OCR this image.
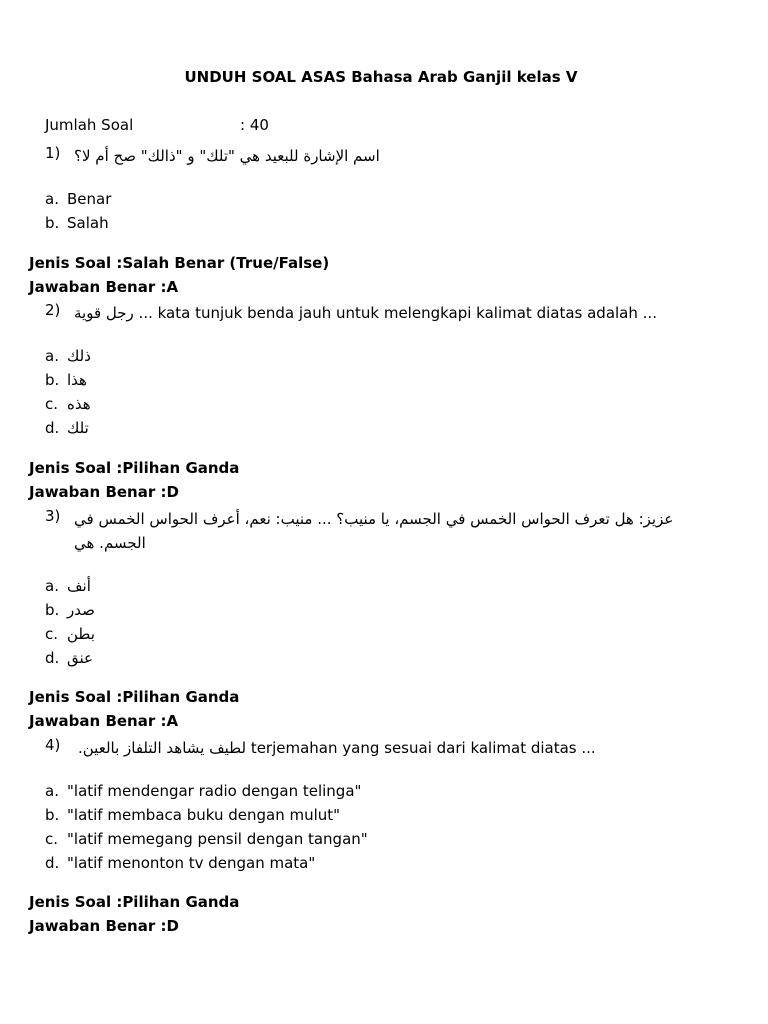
UNDUH SOAL ASAS Bahasa Arab Ganjil kelas V
Jumlah Soal	: 40
1) اسم الإشارة للبعيد هي "تلك" و "ذالك" صح أم لا؟
a. Benar
b. Salah
Jenis Soal :Salah Benar (True/False)
Jawaban Benar :A
2) رجل قوية ... kata tunjuk benda jauh untuk melengkapi kalimat diatas adalah ...
a. ذلك
b. هذا
c. هذه
d. تلك
Jenis Soal :Pilihan Ganda
Jawaban Benar :D
3) عزيز: هل تعرف الحواس الخمس في الجسم، يا منيب؟ ... منيب: نعم، أعرف الحواس الخمس في الجسم. هي
a. أنف
b. صدر
c. بطن
d. عنق
Jenis Soal :Pilihan Ganda
Jawaban Benar :A
4) لطيف يشاهد التلفاز بالعين. terjemahan yang sesuai dari kalimat diatas ...
a. "latif mendengar radio dengan telinga"
b. "latif membaca buku dengan mulut"
c. "latif memegang pensil dengan tangan"
d. "latif menonton tv dengan mata"
Jenis Soal :Pilihan Ganda
Jawaban Benar :D
